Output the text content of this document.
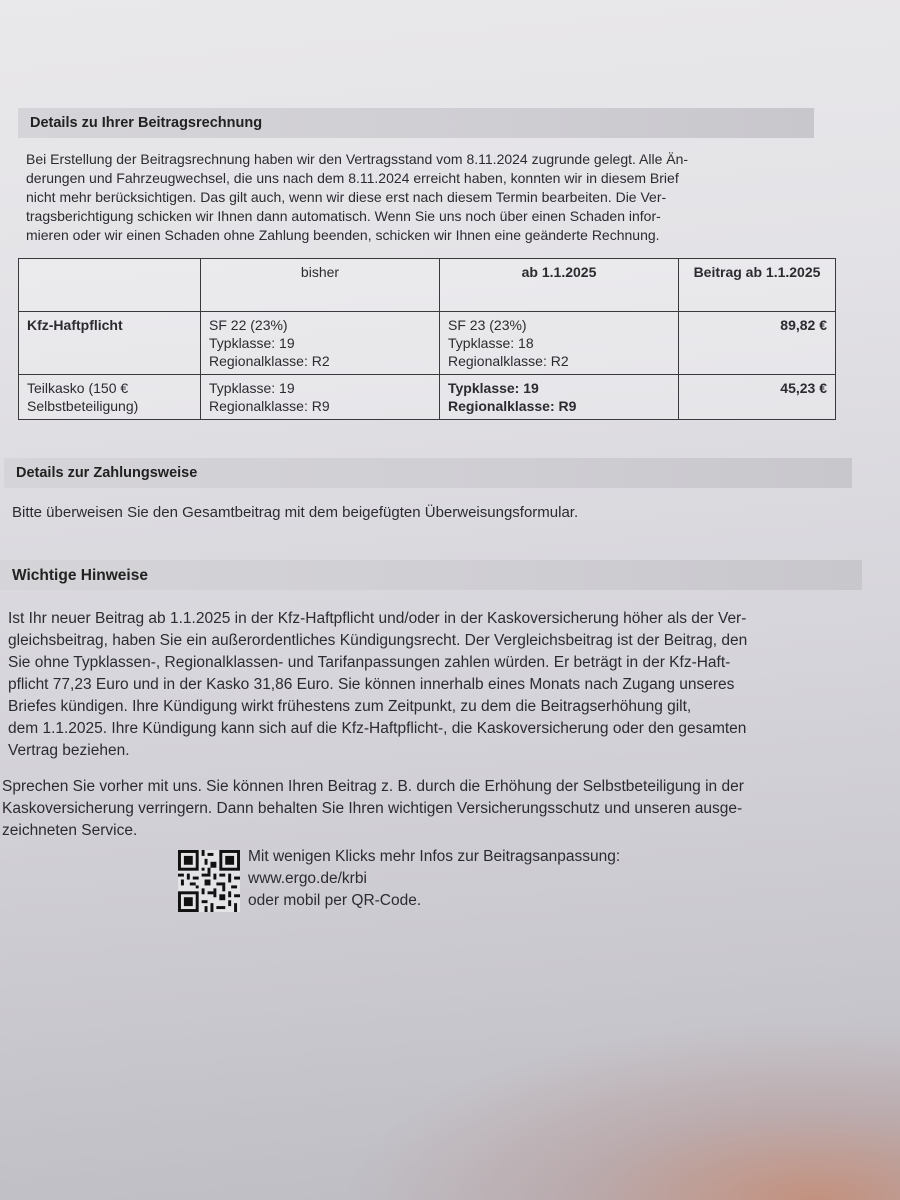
Details zu Ihrer Beitragsrechnung
Bei Erstellung der Beitragsrechnung haben wir den Vertragsstand vom 8.11.2024 zugrunde gelegt. Alle Än-
derungen und Fahrzeugwechsel, die uns nach dem 8.11.2024 erreicht haben, konnten wir in diesem Brief
nicht mehr berücksichtigen. Das gilt auch, wenn wir diese erst nach diesem Termin bearbeiten. Die Ver-
tragsberichtigung schicken wir Ihnen dann automatisch. Wenn Sie uns noch über einen Schaden infor-
mieren oder wir einen Schaden ohne Zahlung beenden, schicken wir Ihnen eine geänderte Rechnung.
	bisher	ab 1.1.2025	Beitrag ab 1.1.2025

Kfz-Haftpflicht	SF 22 (23%)
Typklasse: 19
Regionalklasse: R2	SF 23 (23%)
Typklasse: 18
Regionalklasse: R2	89,82 €
Teilkasko (150 € Selbstbeteiligung)	Typklasse: 19
Regionalklasse: R9	Typklasse: 19
Regionalklasse: R9	45,23 €
Details zur Zahlungsweise
Bitte überweisen Sie den Gesamtbeitrag mit dem beigefügten Überweisungsformular.
Wichtige Hinweise
Ist Ihr neuer Beitrag ab 1.1.2025 in der Kfz-Haftpflicht und/oder in der Kaskoversicherung höher als der Ver-
gleichsbeitrag, haben Sie ein außerordentliches Kündigungsrecht. Der Vergleichsbeitrag ist der Beitrag, den
Sie ohne Typklassen-, Regionalklassen- und Tarifanpassungen zahlen würden. Er beträgt in der Kfz-Haft-
pflicht 77,23 Euro und in der Kasko 31,86 Euro. Sie können innerhalb eines Monats nach Zugang unseres
Briefes kündigen. Ihre Kündigung wirkt frühestens zum Zeitpunkt, zu dem die Beitragserhöhung gilt,
dem 1.1.2025. Ihre Kündigung kann sich auf die Kfz-Haftpflicht-, die Kaskoversicherung oder den gesamten
Vertrag beziehen.
Sprechen Sie vorher mit uns. Sie können Ihren Beitrag z. B. durch die Erhöhung der Selbstbeteiligung in der
Kaskoversicherung verringern. Dann behalten Sie Ihren wichtigen Versicherungsschutz und unseren ausge-
zeichneten Service.
Mit wenigen Klicks mehr Infos zur Beitragsanpassung:
www.ergo.de/krbi
oder mobil per QR-Code.
